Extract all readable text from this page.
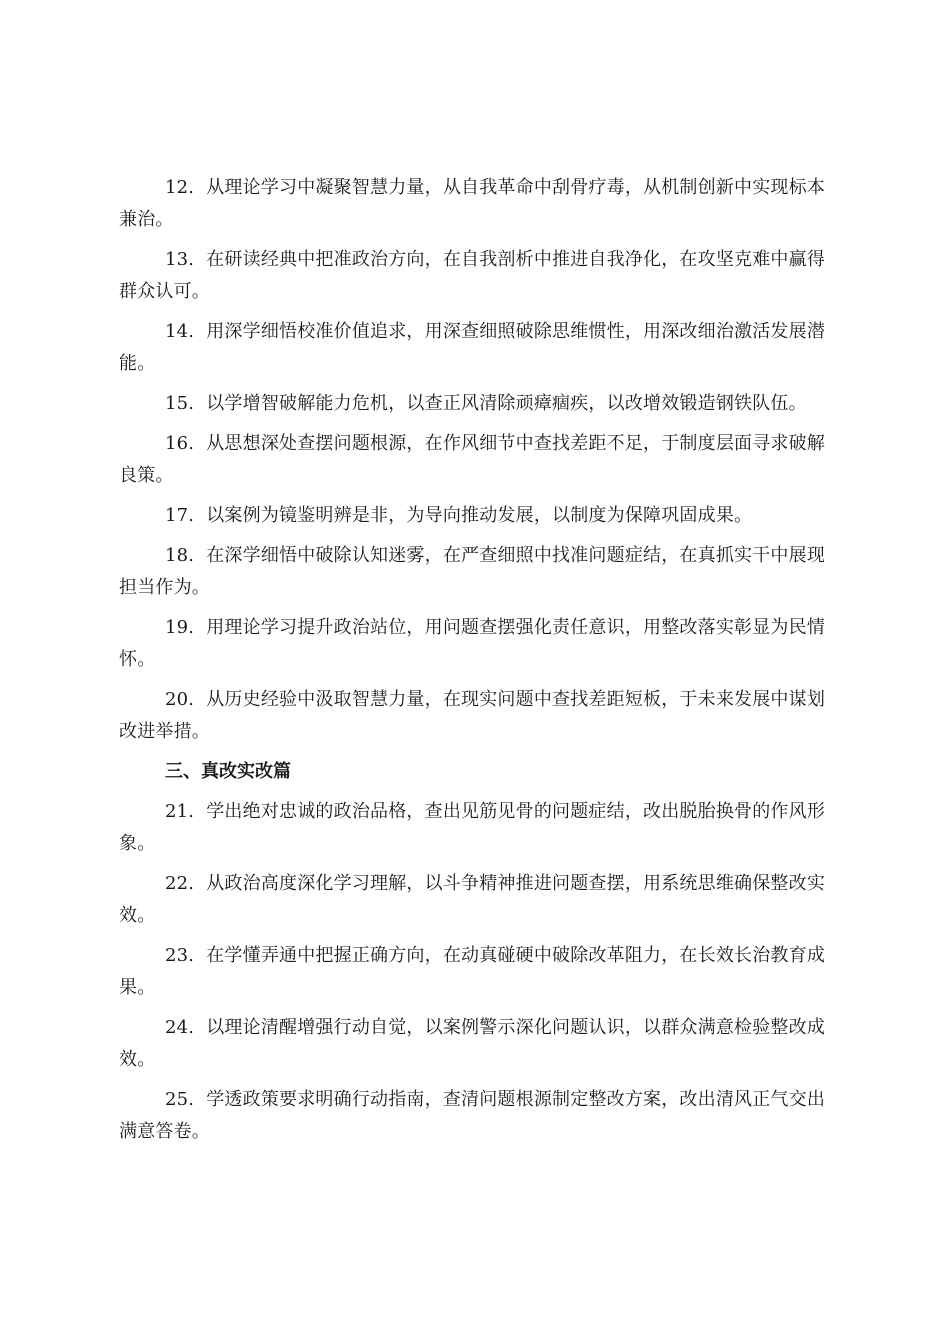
12. 从理论学习中凝聚智慧力量，从自我革命中刮骨疗毒，从机制创新中实现标本兼治。

13. 在研读经典中把准政治方向，在自我剖析中推进自我净化，在攻坚克难中赢得群众认可。

14. 用深学细悟校准价值追求，用深查细照破除思维惯性，用深改细治激活发展潜能。

15. 以学增智破解能力危机，以查正风清除顽瘴痼疾，以改增效锻造钢铁队伍。

16. 从思想深处查摆问题根源，在作风细节中查找差距不足，于制度层面寻求破解良策。

17. 以案例为镜鉴明辨是非，为导向推动发展，以制度为保障巩固成果。

18. 在深学细悟中破除认知迷雾，在严查细照中找准问题症结，在真抓实干中展现担当作为。

19. 用理论学习提升政治站位，用问题查摆强化责任意识，用整改落实彰显为民情怀。

20. 从历史经验中汲取智慧力量，在现实问题中查找差距短板，于未来发展中谋划改进举措。

三、真改实改篇

21. 学出绝对忠诚的政治品格，查出见筋见骨的问题症结，改出脱胎换骨的作风形象。

22. 从政治高度深化学习理解，以斗争精神推进问题查摆，用系统思维确保整改实效。

23. 在学懂弄通中把握正确方向，在动真碰硬中破除改革阻力，在长效长治教育成果。

24. 以理论清醒增强行动自觉，以案例警示深化问题认识，以群众满意检验整改成效。

25. 学透政策要求明确行动指南，查清问题根源制定整改方案，改出清风正气交出满意答卷。
